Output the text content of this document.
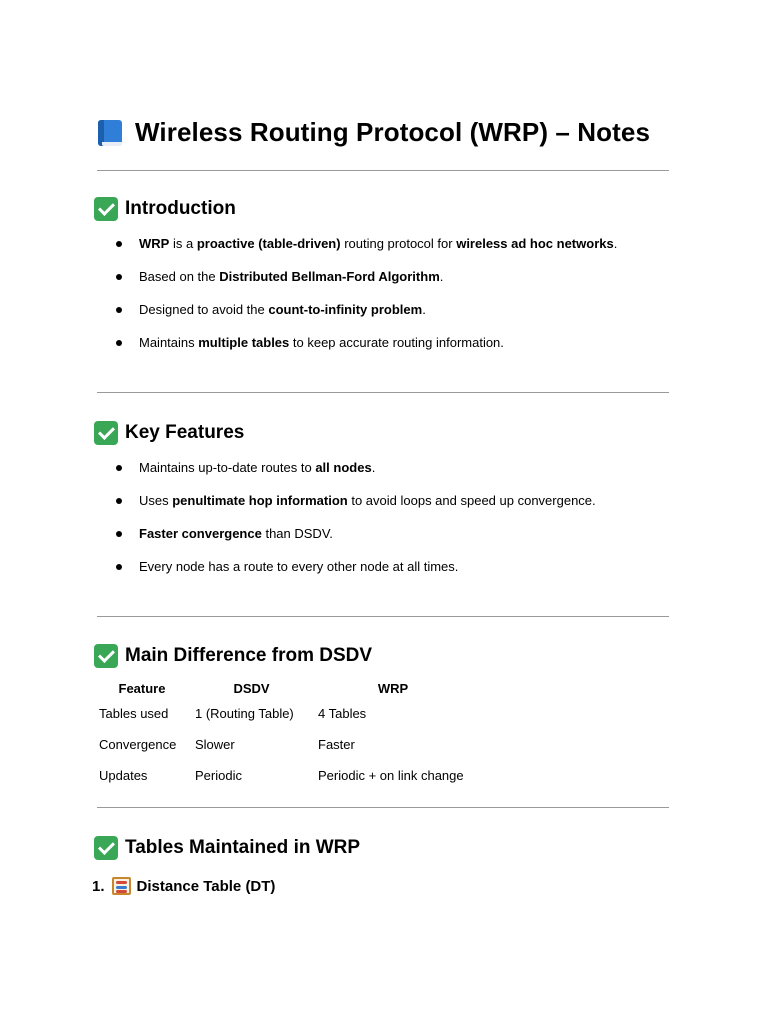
Wireless Routing Protocol (WRP) – Notes
Introduction
WRP is a proactive (table-driven) routing protocol for wireless ad hoc networks.
Based on the Distributed Bellman-Ford Algorithm.
Designed to avoid the count-to-infinity problem.
Maintains multiple tables to keep accurate routing information.
Key Features
Maintains up-to-date routes to all nodes.
Uses penultimate hop information to avoid loops and speed up convergence.
Faster convergence than DSDV.
Every node has a route to every other node at all times.
Main Difference from DSDV
Feature	DSDV	WRP
Tables used	1 (Routing Table)	4 Tables
Convergence	Slower	Faster
Updates	Periodic	Periodic + on link change
Tables Maintained in WRP
1. Distance Table (DT)
